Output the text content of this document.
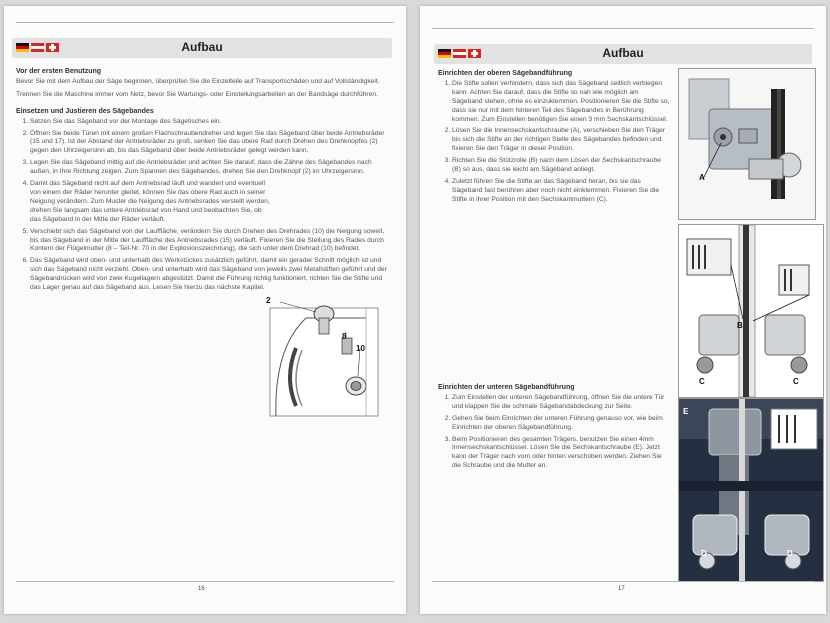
Aufbau
Vor der ersten Benutzung
Bevor Sie mit dem Aufbau der Säge beginnen, überprüfen Sie die Einzelteile auf Transportschäden und auf Vollständigkeit.
Trennen Sie die Maschine immer vom Netz, bevor Sie Wartungs- oder Einstellungsarbeiten an der Bandsäge durchführen.
Einsetzen und Justieren des Sägebandes
1. Setzen Sie das Sägeband vor der Montage des Sägetisches ein.
2. Öffnen Sie beide Türen mit einem großen Flachschraubendreher und legen Sie das Sägeband über beide Antriebsräder (15 und 17). Ist der Abstand der Antriebsräder zu groß, senken Sie das obere Rad durch Drehen des Drehknopfes (2) gegen den Uhrzeigersinn ab, bis das Sägeband über beide Antriebsräder gelegt werden kann.
3. Legen Sie das Sägeband mittig auf die Antriebsräder und achten Sie darauf, dass die Zähne des Sägebandes nach außen, in Ihre Richtung zeigen. Zum Spannen des Sägebandes, drehen Sie den Drehknopf (2) im Uhrzeigersinn.
4. Damit das Sägeband nicht auf dem Antriebsrad läuft und wandert und eventuell von einem der Räder herunter gleitet, können Sie das obere Rad auch in seiner Neigung verändern. Zum Muster die Neigung des Antriebsrades verstellt werden, drehen Sie langsam das untere Antriebsrad von Hand und beobachten Sie, ob das Sägeband in der Mitte der Räder verläuft.
5. Verschiebt sich das Sägeband von der Laufﬂäche, verändern Sie durch Drehen des Drehrades (10) die Neigung soweit, bis das Sägeband in der Mitte der Laufﬂäche des Antriebsrades (15) verläuft. Fixieren Sie die Stellung des Rades durch Kontern der Flügelmutter (8 – Teil-Nr. 70 in der Explosionszeichnung), die sich unter dem Drehrad (10) befindet.
6. Das Sägeband wird oben- und unterhalb des Werkstückes zusätzlich geführt, damit ein gerader Schnitt möglich ist und sich das Sägeband nicht verzieht. Oben- und unterhalb wird das Sägeband von jeweils zwei Metallstiften geführt und der Sägebandrücken wird von zwei Kugellagern abgestützt. Damit die Führung richtig funktioniert, richten Sie die Stifte und das Lager genau auf das Sägeband aus. Lesen Sie hierzu das nächste Kapitel.
2
8
10
16
Aufbau
Einrichten der oberen Sägebandführung
1. Die Stifte sollen verhindern, dass sich das Sägeband seitlich verbiegen kann. Achten Sie darauf, dass die Stifte so nah wie möglich am Sägeband stehen, ohne es einzuklemmen. Positionieren Sie die Stifte so, dass sie nur mit dem hinteren Teil des Sägebandes in Berührung kommen. Zum Einstellen benötigen Sie einen 3 mm Sechskantschlüssel.
2. Lösen Sie die Innensechskantschraube (A), verschieben Sie den Träger bis sich die Stifte an der richtigen Stelle des Sägebandes befinden und fixieren Sie den Träger in dieser Position.
3. Richten Sie die Stützrolle (B) nach dem Lösen der Sechskantschraube (B) so aus, dass sie leicht am Sägeband anliegt.
4. Zuletzt führen Sie die Stifte an das Sägeband heran, bis sie das Sägeband fast berühren aber noch nicht einklemmen. Fixieren Sie die Stifte in ihrer Position mit den Sechskantmuttern (C).
Einrichten der unteren Sägebandführung
1. Zum Einstellen der unteren Sägebandführung, öffnen Sie die untere Tür und klappen Sie die schmale Sägebandabdeckung zur Seite.
2. Gehen Sie beim Einrichten der unteren Führung genauso vor, wie beim Einrichten der oberen Sägebandführung.
3. Beim Positionieren des gesamten Trägers, benutzen Sie einen 4mm Innensechskantschlüssel. Lösen Sie die Sechskantschraube (E). Jetzt kann der Träger nach vorn oder hinten verschoben werden. Ziehen Sie die Schraube und die Mutter an.
A
B
C	C
E
D	D
17
